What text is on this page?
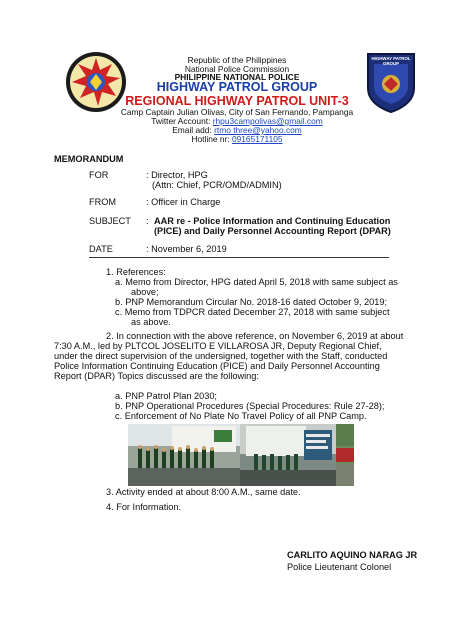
HIGHWAY PATROL GROUP
Republic of the Philippines
National Police Commission
PHILIPPINE NATIONAL POLICE
HIGHWAY PATROL GROUP
REGIONAL HIGHWAY PATROL UNIT-3
Camp Captain Julian Olivas, City of San Fernando, Pampanga
Twitter Account: rhpu3campolivas@gmail.com
Email add: rtmo three@yahoo.com
Hotline nr: 09165171105
MEMORANDUM
FOR	: Director, HPG
(Attn: Chief, PCR/OMD/ADMIN)
FROM	: Officer in Charge
SUBJECT : AAR re - Police Information and Continuing Education
(PICE) and Daily Personnel Accounting Report (DPAR)
DATE	: November 6, 2019
1. References:
a. Memo from Director, HPG dated April 5, 2018 with same subject as
above;
b. PNP Memorandum Circular No. 2018-16 dated October 9, 2019;
c. Memo from TDPCR dated December 27, 2018 with same subject
as above.
2. In connection with the above reference, on November 6, 2019 at about
7:30 A.M., led by PLTCOL JOSELITO E VILLAROSA JR, Deputy Regional Chief,
under the direct supervision of the undersigned, together with the Staff, conducted
Police Information Continuing Education (PICE) and Daily Personnel Accounting
Report (DPAR) Topics discussed are the following:
a. PNP Patrol Plan 2030;
b. PNP Operational Procedures (Special Procedures: Rule 27-28);
c. Enforcement of No Plate No Travel Policy of all PNP Camp.
3. Activity ended at about 8:00 A.M., same date.
4. For Information.
CARLITO AQUINO NARAG JR
Police Lieutenant Colonel
